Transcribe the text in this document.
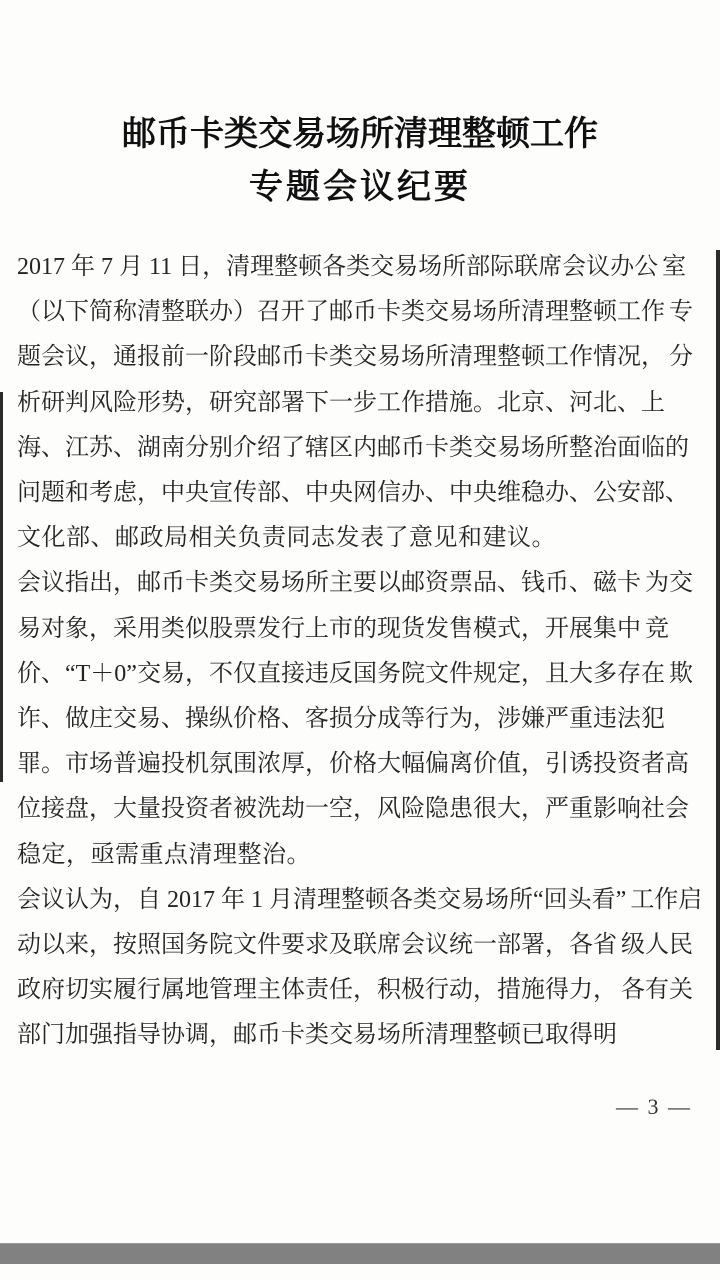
邮币卡类交易场所清理整顿工作
专题会议纪要

2017 年 7 月 11 日，清理整顿各类交易场所部际联席会议办公 室（以下简称清整联办）召开了邮币卡类交易场所清理整顿工作 专题会议，通报前一阶段邮币卡类交易场所清理整顿工作情况， 分析研判风险形势，研究部署下一步工作措施。北京、河北、上 海、江苏、湖南分别介绍了辖区内邮币卡类交易场所整治面临的 问题和考虑，中央宣传部、中央网信办、中央维稳办、公安部、 文化部、邮政局相关负责同志发表了意见和建议。

会议指出，邮币卡类交易场所主要以邮资票品、钱币、磁卡 为交易对象，采用类似股票发行上市的现货发售模式，开展集中 竞价、“T＋0”交易，不仅直接违反国务院文件规定，且大多存在 欺诈、做庄交易、操纵价格、客损分成等行为，涉嫌严重违法犯 罪。市场普遍投机氛围浓厚，价格大幅偏离价值，引诱投资者高 位接盘，大量投资者被洗劫一空，风险隐患很大，严重影响社会 稳定，亟需重点清理整治。

会议认为，自 2017 年 1 月清理整顿各类交易场所“回头看” 工作启动以来，按照国务院文件要求及联席会议统一部署，各省 级人民政府切实履行属地管理主体责任，积极行动，措施得力， 各有关部门加强指导协调，邮币卡类交易场所清理整顿已取得明

— 3 —
